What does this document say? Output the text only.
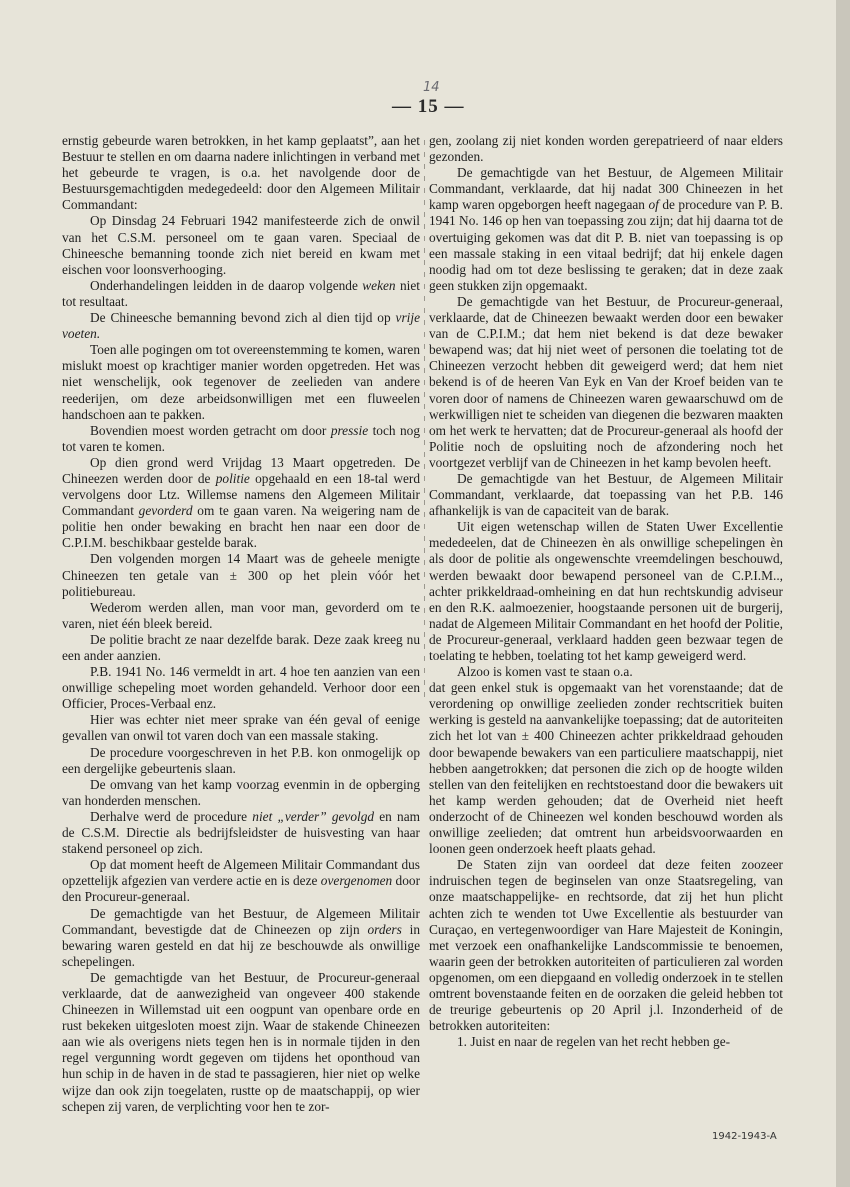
14
— 15 —

ernstig gebeurde waren betrokken, in het kamp geplaatst”, aan het Bestuur te stellen en om daarna nadere inlichtingen in verband met het gebeurde te vragen, is o.a. het navolgende door de Bestuursgemachtigden medegedeeld: door den Algemeen Militair Commandant:

Op Dinsdag 24 Februari 1942 manifesteerde zich de onwil van het C.S.M. personeel om te gaan varen. Speciaal de Chineesche bemanning toonde zich niet bereid en kwam met eischen voor loonsverhooging.

Onderhandelingen leidden in de daarop volgende weken niet tot resultaat.

De Chineesche bemanning bevond zich al dien tijd op vrije voeten.

Toen alle pogingen om tot overeenstemming te komen, waren mislukt moest op krachtiger manier worden opgetreden. Het was niet wenschelijk, ook tegenover de zeelieden van andere reederijen, om deze arbeidsonwilligen met een fluweelen handschoen aan te pakken.

Bovendien moest worden getracht om door pressie toch nog tot varen te komen.

Op dien grond werd Vrijdag 13 Maart opgetreden. De Chineezen werden door de politie opgehaald en een 18-tal werd vervolgens door Ltz. Willemse namens den Algemeen Militair Commandant gevorderd om te gaan varen. Na weigering nam de politie hen onder bewaking en bracht hen naar een door de C.P.I.M. beschikbaar gestelde barak.

Den volgenden morgen 14 Maart was de geheele menigte Chineezen ten getale van ± 300 op het plein vóór het politiebureau.

Wederom werden allen, man voor man, gevorderd om te varen, niet één bleek bereid.

De politie bracht ze naar dezelfde barak. Deze zaak kreeg nu een ander aanzien.

P.B. 1941 No. 146 vermeldt in art. 4 hoe ten aanzien van een onwillige schepeling moet worden gehandeld. Verhoor door een Officier, Proces-Verbaal enz.

Hier was echter niet meer sprake van één geval of eenige gevallen van onwil tot varen doch van een massale staking.

De procedure voorgeschreven in het P.B. kon onmogelijk op een dergelijke gebeurtenis slaan.

De omvang van het kamp voorzag evenmin in de opberging van honderden menschen.

Derhalve werd de procedure niet „verder” gevolgd en nam de C.S.M. Directie als bedrijfsleidster de huisvesting van haar stakend personeel op zich.

Op dat moment heeft de Algemeen Militair Commandant dus opzettelijk afgezien van verdere actie en is deze overgenomen door den Procureur-generaal.

De gemachtigde van het Bestuur, de Algemeen Militair Commandant, bevestigde dat de Chineezen op zijn orders in bewaring waren gesteld en dat hij ze beschouwde als onwillige schepelingen.

De gemachtigde van het Bestuur, de Procureur-generaal verklaarde, dat de aanwezigheid van ongeveer 400 stakende Chineezen in Willemstad uit een oogpunt van openbare orde en rust bekeken uitgesloten moest zijn. Waar de stakende Chineezen aan wie als overigens niets tegen hen is in normale tijden in den regel vergunning wordt gegeven om tijdens het oponthoud van hun schip in de haven in de stad te passagieren, hier niet op welke wijze dan ook zijn toegelaten, rustte op de maatschappij, op wier schepen zij varen, de verplichting voor hen te zor-

gen, zoolang zij niet konden worden gerepatrieerd of naar elders gezonden.

De gemachtigde van het Bestuur, de Algemeen Militair Commandant, verklaarde, dat hij nadat 300 Chineezen in het kamp waren opgeborgen heeft nagegaan of de procedure van P. B. 1941 No. 146 op hen van toepassing zou zijn; dat hij daarna tot de overtuiging gekomen was dat dit P. B. niet van toepassing is op een massale staking in een vitaal bedrijf; dat hij enkele dagen noodig had om tot deze beslissing te geraken; dat in deze zaak geen stukken zijn opgemaakt.

De gemachtigde van het Bestuur, de Procureur-generaal, verklaarde, dat de Chineezen bewaakt werden door een bewaker van de C.P.I.M.; dat hem niet bekend is dat deze bewaker bewapend was; dat hij niet weet of personen die toelating tot de Chineezen verzocht hebben dit geweigerd werd; dat hem niet bekend is of de heeren Van Eyk en Van der Kroef beiden van te voren door of namens de Chineezen waren gewaarschuwd om de werkwilligen niet te scheiden van diegenen die bezwaren maakten om het werk te hervatten; dat de Procureur-generaal als hoofd der Politie noch de opsluiting noch de afzondering noch het voortgezet verblijf van de Chineezen in het kamp bevolen heeft.

De gemachtigde van het Bestuur, de Algemeen Militair Commandant, verklaarde, dat toepassing van het P.B. 146 afhankelijk is van de capaciteit van de barak.

Uit eigen wetenschap willen de Staten Uwer Excellentie mededeelen, dat de Chineezen èn als onwillige schepelingen èn als door de politie als ongewenschte vreemdelingen beschouwd, werden bewaakt door bewapend personeel van de C.P.I.M.., achter prikkeldraad-omheining en dat hun rechtskundig adviseur en den R.K. aalmoezenier, hoogstaande personen uit de burgerij, nadat de Algemeen Militair Commandant en het hoofd der Politie, de Procureur-generaal, verklaard hadden geen bezwaar tegen de toelating te hebben, toelating tot het kamp geweigerd werd.

Alzoo is komen vast te staan o.a.

dat geen enkel stuk is opgemaakt van het vorenstaande; dat de verordening op onwillige zeelieden zonder rechtscritiek buiten werking is gesteld na aanvankelijke toepassing; dat de autoriteiten zich het lot van ± 400 Chineezen achter prikkeldraad gehouden door bewapende bewakers van een particuliere maatschappij, niet hebben aangetrokken; dat personen die zich op de hoogte wilden stellen van den feitelijken en rechtstoestand door die bewakers uit het kamp werden gehouden; dat de Overheid niet heeft onderzocht of de Chineezen wel konden beschouwd worden als onwillige zeelieden; dat omtrent hun arbeidsvoorwaarden en loonen geen onderzoek heeft plaats gehad.

De Staten zijn van oordeel dat deze feiten zoozeer indruischen tegen de beginselen van onze Staatsregeling, van onze maatschappelijke- en rechtsorde, dat zij het hun plicht achten zich te wenden tot Uwe Excellentie als bestuurder van Curaçao, en vertegenwoordiger van Hare Majesteit de Koningin, met verzoek een onafhankelijke Landscommissie te benoemen, waarin geen der betrokken autoriteiten of particulieren zal worden opgenomen, om een diepgaand en volledig onderzoek in te stellen omtrent bovenstaande feiten en de oorzaken die geleid hebben tot de treurige gebeurtenis op 20 April j.l. Inzonderheid of de betrokken autoriteiten:

1. Juist en naar de regelen van het recht hebben ge-

1942-1943-A
